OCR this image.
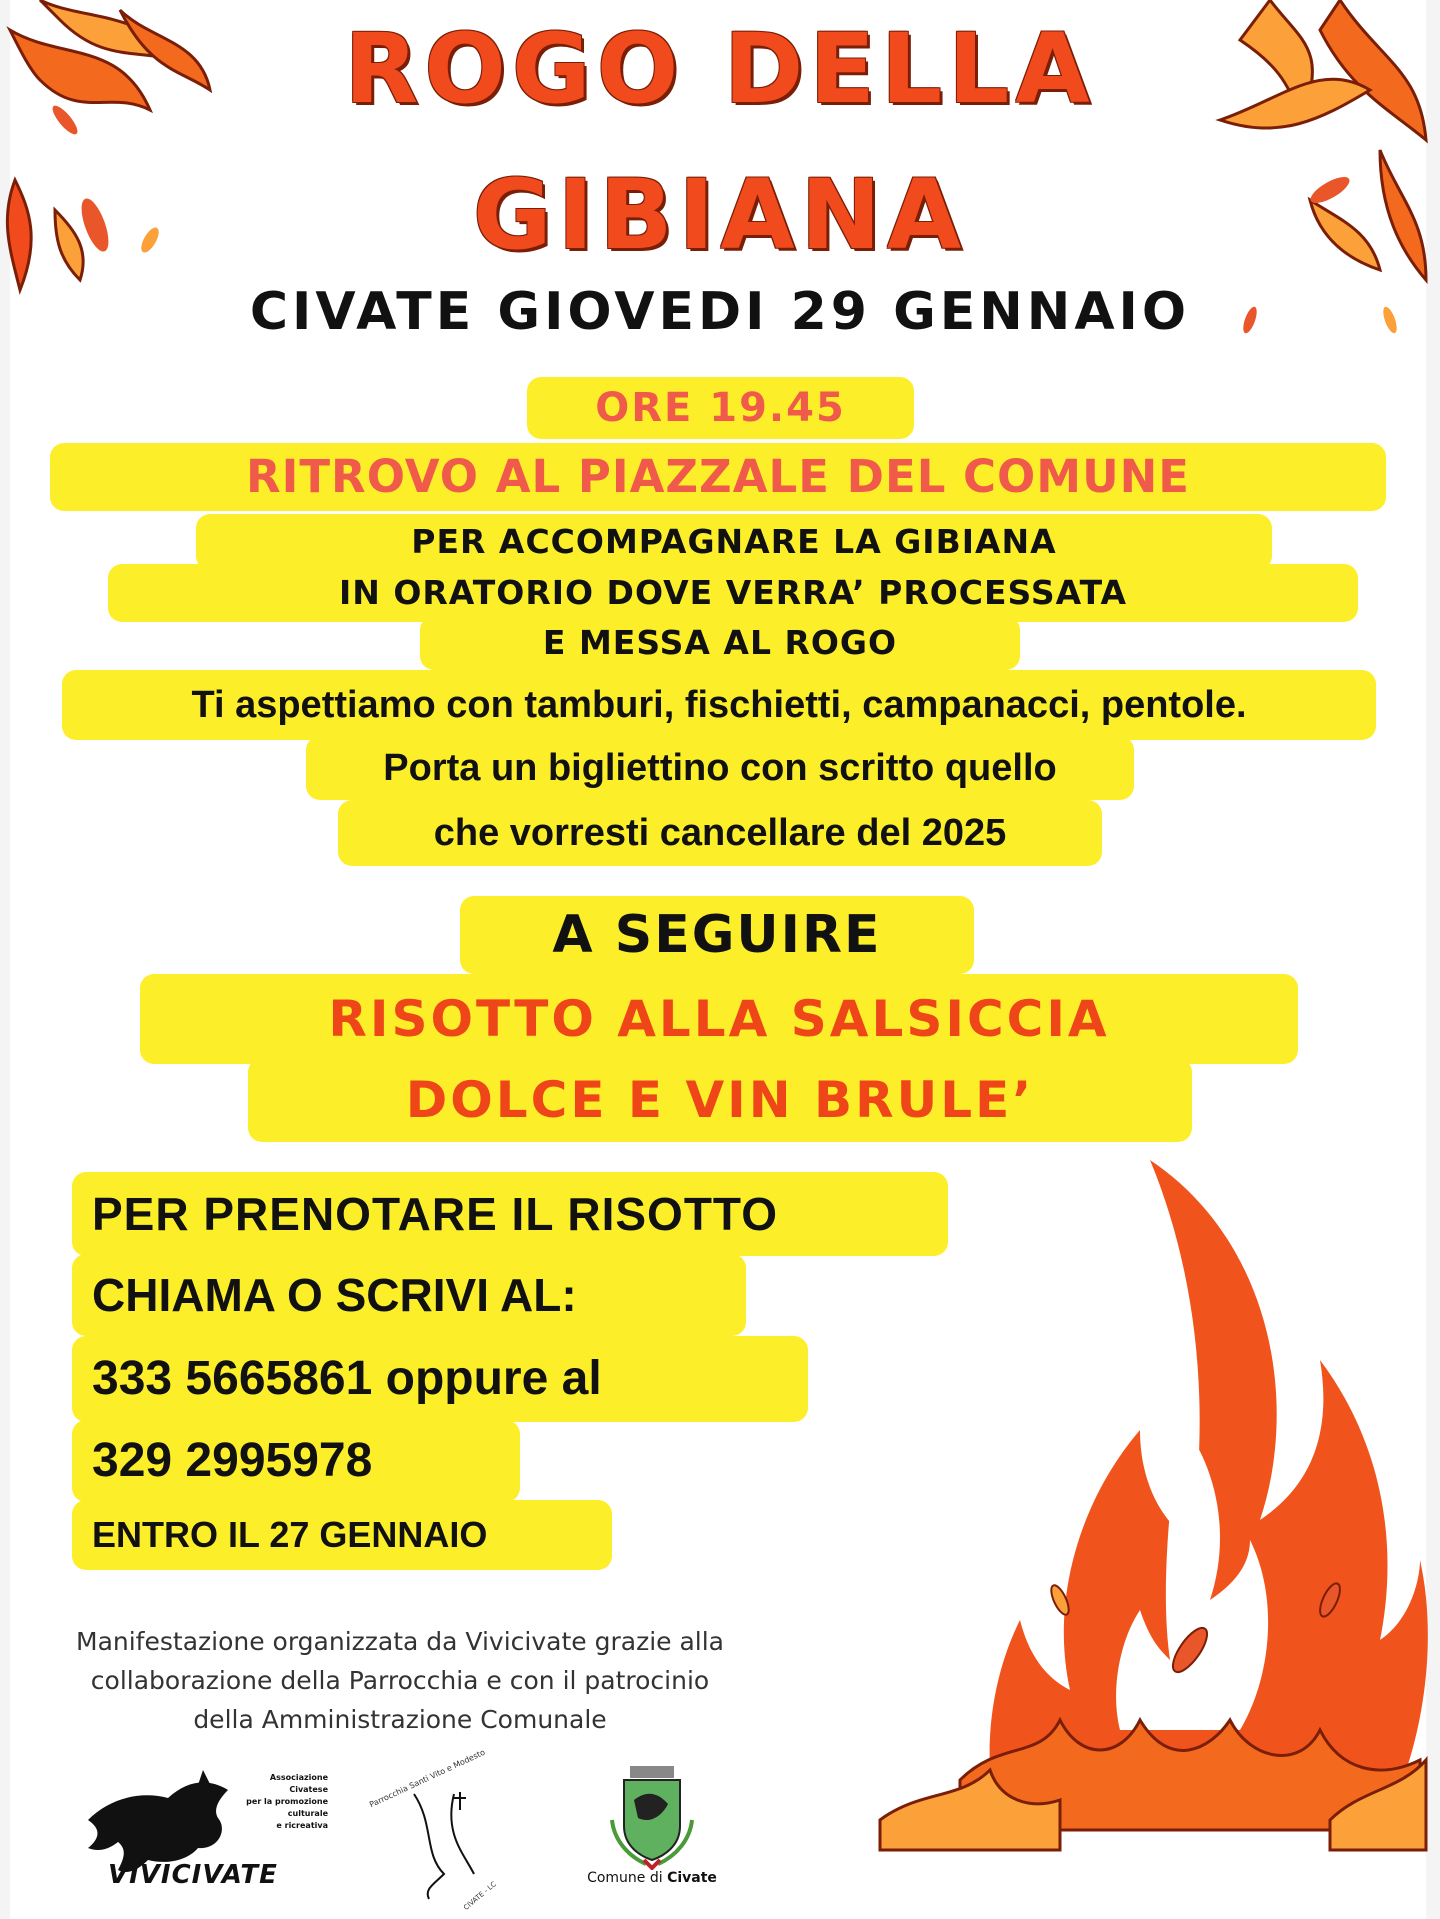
ROGO DELLA
GIBIANA
CIVATE GIOVEDI 29 GENNAIO
ORE 19.45
RITROVO AL PIAZZALE DEL COMUNE
PER ACCOMPAGNARE LA GIBIANA
IN ORATORIO DOVE VERRA’ PROCESSATA
E MESSA AL ROGO
Ti aspettiamo con tamburi, fischietti, campanacci, pentole.
Porta un bigliettino con scritto quello
che vorresti cancellare del 2025
A SEGUIRE
RISOTTO ALLA SALSICCIA
DOLCE E VIN BRULE’
PER PRENOTARE IL RISOTTO
CHIAMA O SCRIVI AL:
333 5665861 oppure al
329 2995978
ENTRO IL 27 GENNAIO
Manifestazione organizzata da Vivicivate grazie alla
collaborazione della Parrocchia e con il patrocinio
della Amministrazione Comunale
VIVICIVATE
Associazione
Civatese
per la promozione
culturale
e ricreativa
Parrocchia Santi Vito e Modesto
CIVATE - LC
Comune di Civate
